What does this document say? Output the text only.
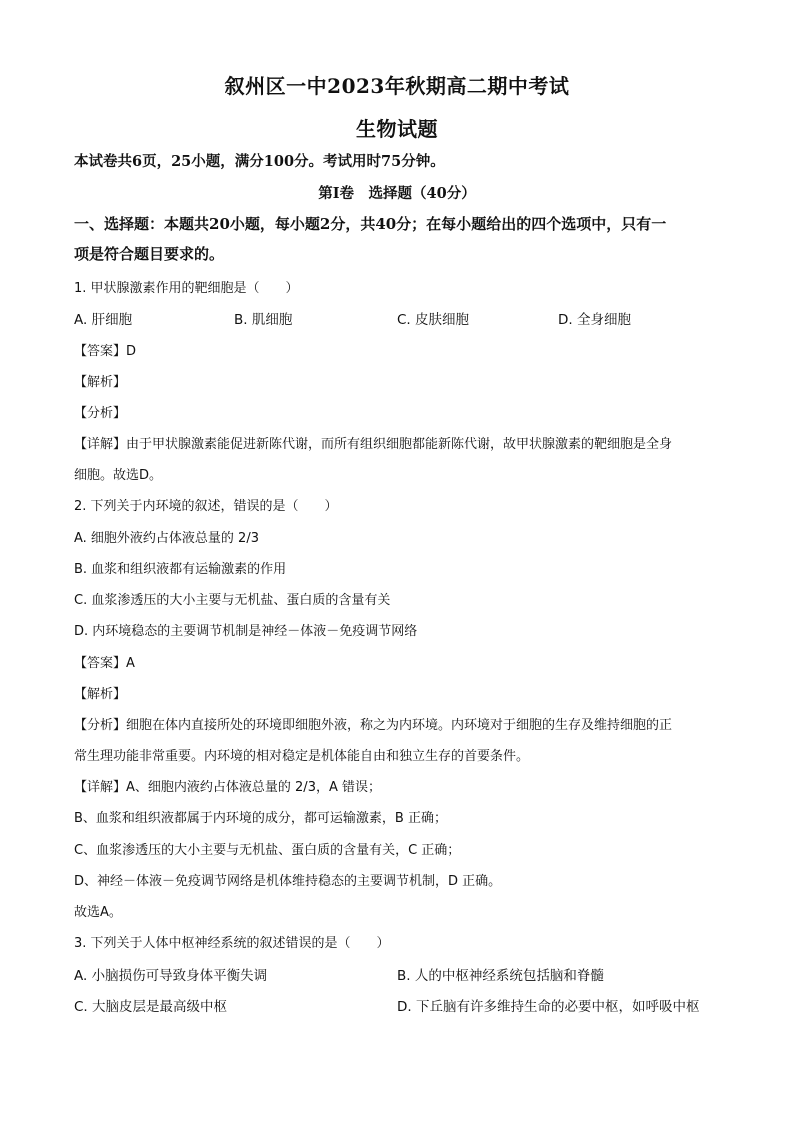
叙州区一中2023年秋期高二期中考试
生物试题
本试卷共6页，25小题，满分100分。考试用时75分钟。
第Ⅰ卷　选择题（40分）
一、选择题：本题共20小题，每小题2分，共40分；在每小题给出的四个选项中，只有一
项是符合题目要求的。
1. 甲状腺激素作用的靶细胞是（　　）
A. 肝细胞	B. 肌细胞	C. 皮肤细胞	D. 全身细胞
【答案】D
【解析】
【分析】
【详解】由于甲状腺激素能促进新陈代谢，而所有组织细胞都能新陈代谢，故甲状腺激素的靶细胞是全身
细胞。故选D。
2. 下列关于内环境的叙述，错误的是（　　）
A. 细胞外液约占体液总量的 2/3
B. 血浆和组织液都有运输激素的作用
C. 血浆渗透压的大小主要与无机盐、蛋白质的含量有关
D. 内环境稳态的主要调节机制是神经－体液－免疫调节网络
【答案】A
【解析】
【分析】细胞在体内直接所处的环境即细胞外液，称之为内环境。内环境对于细胞的生存及维持细胞的正
常生理功能非常重要。内环境的相对稳定是机体能自由和独立生存的首要条件。
【详解】A、细胞内液约占体液总量的 2/3，A 错误；
B、血浆和组织液都属于内环境的成分，都可运输激素，B 正确；
C、血浆渗透压的大小主要与无机盐、蛋白质的含量有关，C 正确；
D、神经－体液－免疫调节网络是机体维持稳态的主要调节机制，D 正确。
故选A。
3. 下列关于人体中枢神经系统的叙述错误的是（　　）
A. 小脑损伤可导致身体平衡失调	B. 人的中枢神经系统包括脑和脊髓
C. 大脑皮层是最高级中枢	D. 下丘脑有许多维持生命的必要中枢，如呼吸中枢
